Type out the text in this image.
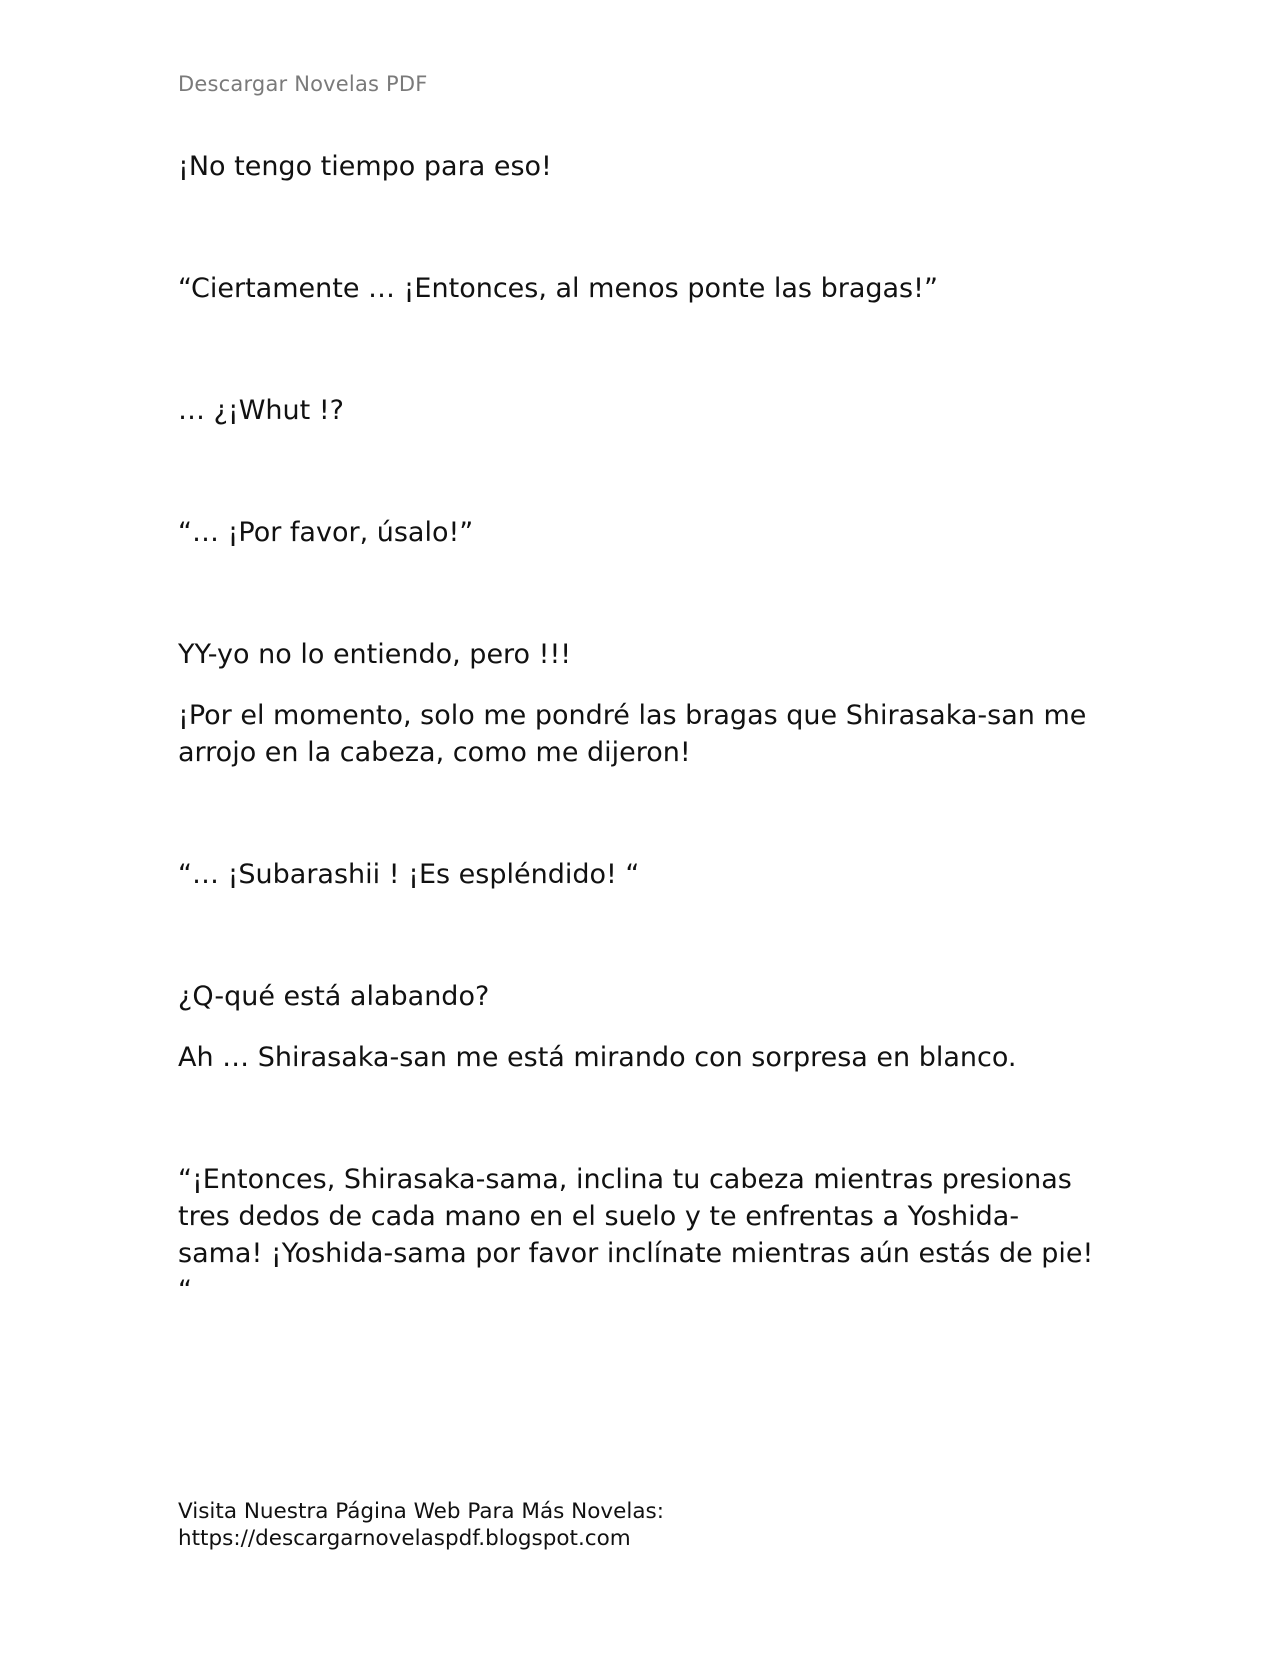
Descargar Novelas PDF

¡No tengo tiempo para eso!

“Ciertamente … ¡Entonces, al menos ponte las bragas!”

… ¿¡Whut !?

“… ¡Por favor, úsalo!”

YY-yo no lo entiendo, pero !!!

¡Por el momento, solo me pondré las bragas que Shirasaka-san me arrojo en la cabeza, como me dijeron!

“… ¡Subarashii ! ¡Es espléndido! “

¿Q-qué está alabando?

Ah … Shirasaka-san me está mirando con sorpresa en blanco.

“¡Entonces, Shirasaka-sama, inclina tu cabeza mientras presionas tres dedos de cada mano en el suelo y te enfrentas a Yoshida-sama! ¡Yoshida-sama por favor inclínate mientras aún estás de pie! “

Visita Nuestra Página Web Para Más Novelas:
https://descargarnovelaspdf.blogspot.com
